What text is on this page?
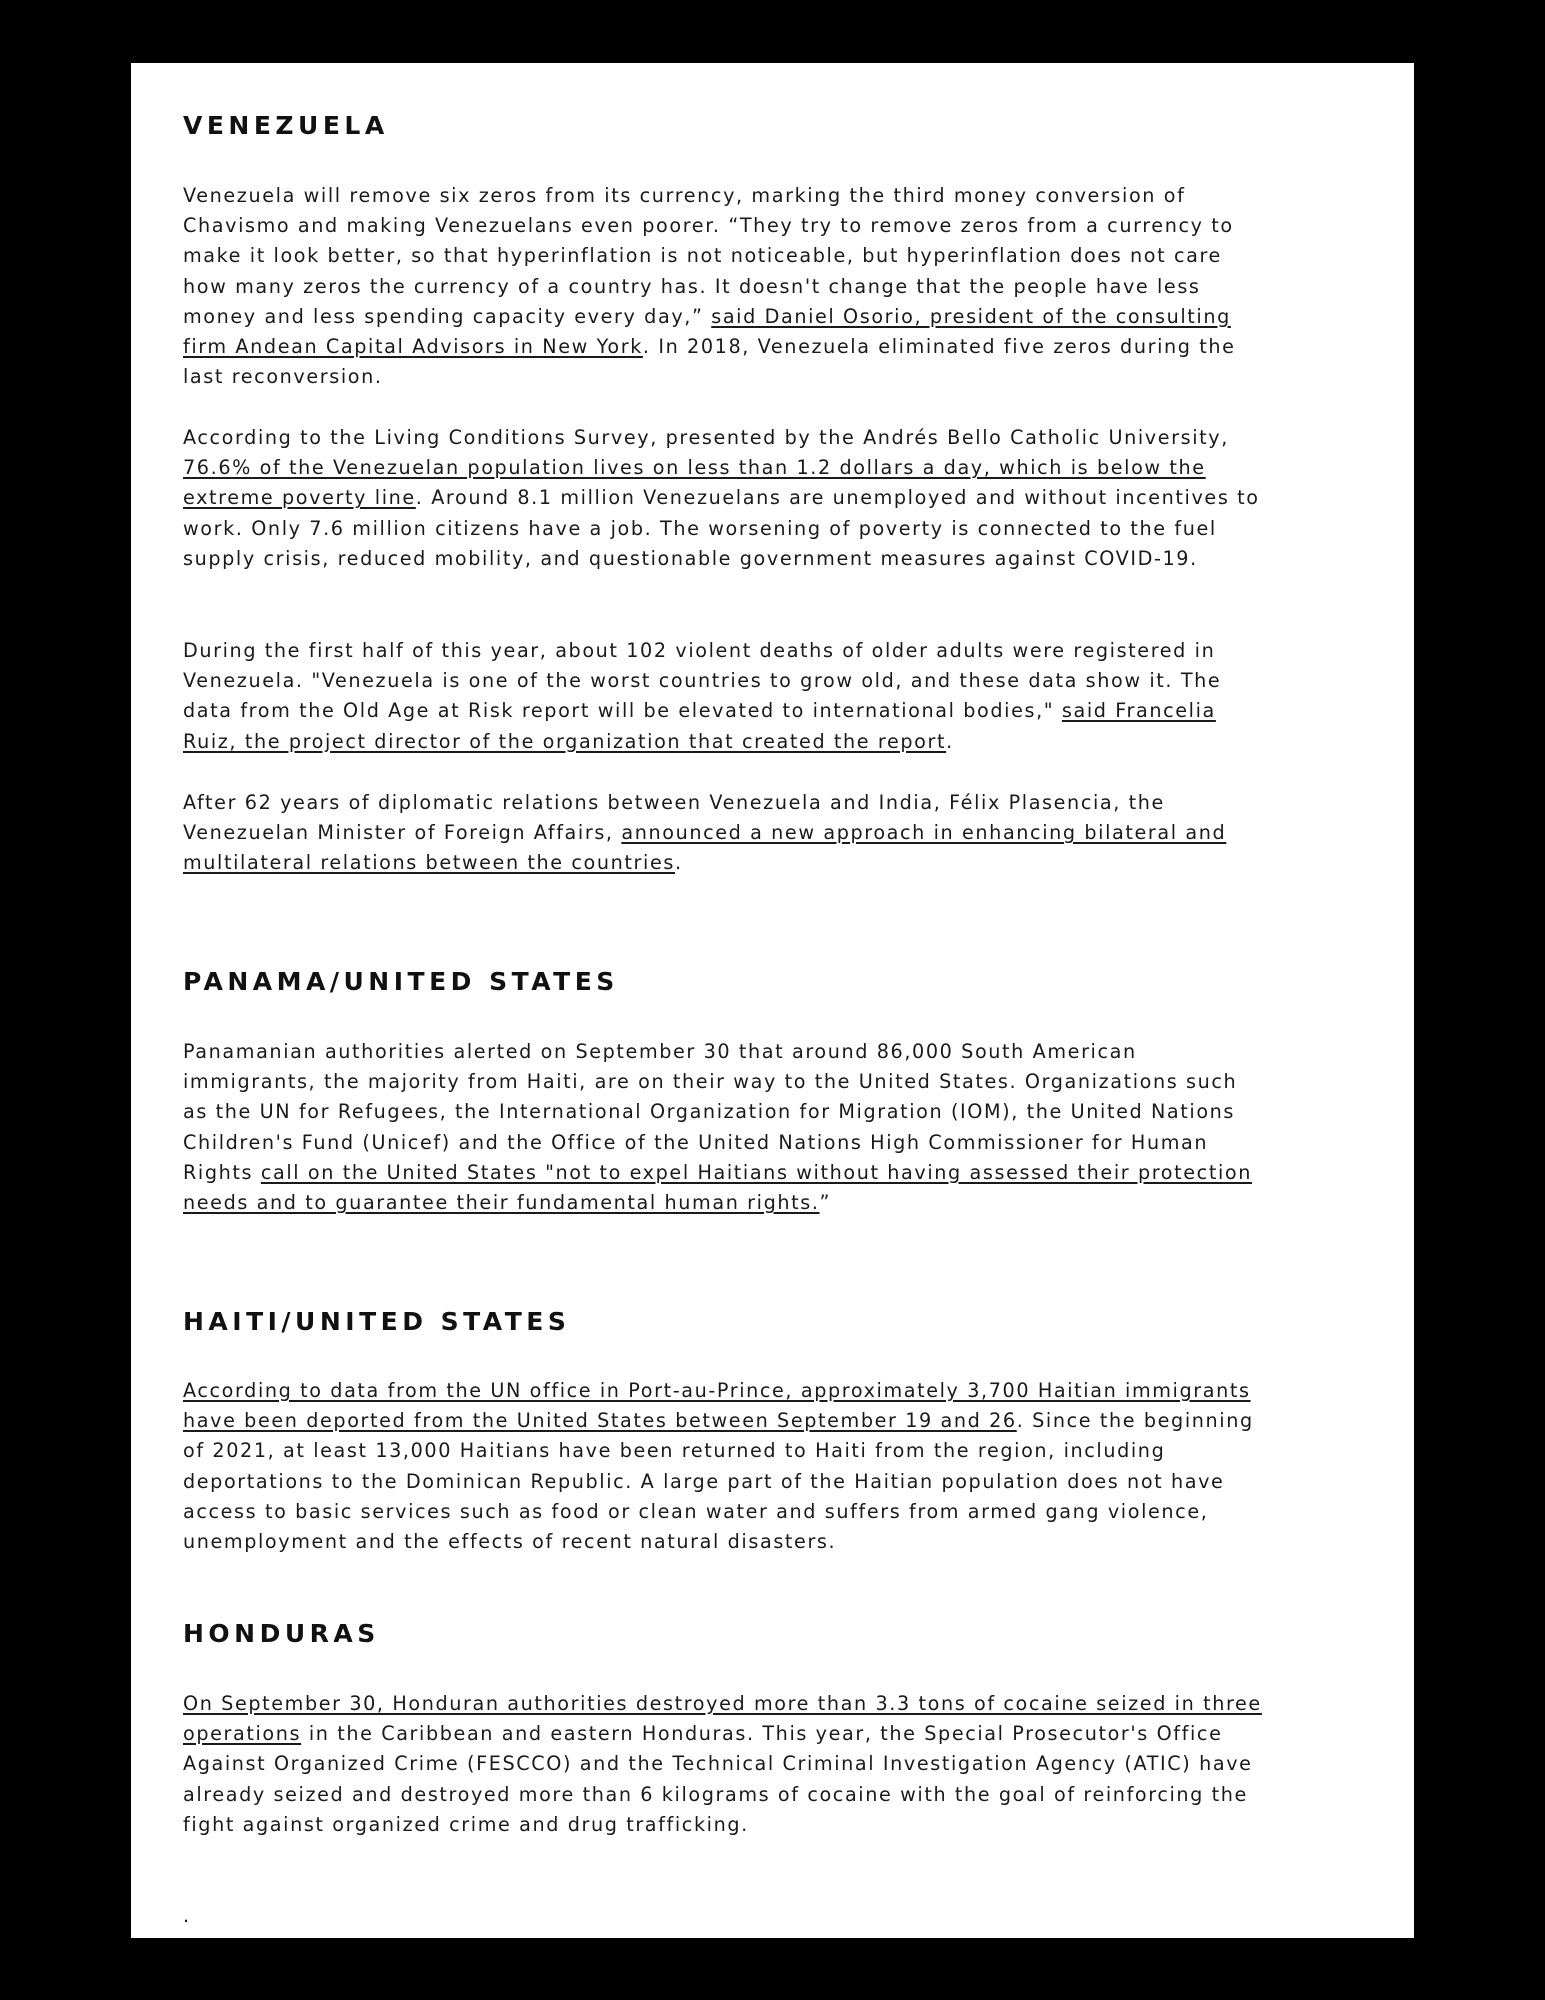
VENEZUELA

Venezuela will remove six zeros from its currency, marking the third money conversion of Chavismo and making Venezuelans even poorer. “They try to remove zeros from a currency to make it look better, so that hyperinflation is not noticeable, but hyperinflation does not care how many zeros the currency of a country has. It doesn't change that the people have less money and less spending capacity every day,” said Daniel Osorio, president of the consulting firm Andean Capital Advisors in New York. In 2018, Venezuela eliminated five zeros during the last reconversion.

According to the Living Conditions Survey, presented by the Andrés Bello Catholic University, 76.6% of the Venezuelan population lives on less than 1.2 dollars a day, which is below the extreme poverty line. Around 8.1 million Venezuelans are unemployed and without incentives to work. Only 7.6 million citizens have a job. The worsening of poverty is connected to the fuel supply crisis, reduced mobility, and questionable government measures against COVID-19.

During the first half of this year, about 102 violent deaths of older adults were registered in Venezuela. "Venezuela is one of the worst countries to grow old, and these data show it. The data from the Old Age at Risk report will be elevated to international bodies," said Francelia Ruiz, the project director of the organization that created the report.

After 62 years of diplomatic relations between Venezuela and India, Félix Plasencia, the Venezuelan Minister of Foreign Affairs, announced a new approach in enhancing bilateral and multilateral relations between the countries.

PANAMA/UNITED STATES

Panamanian authorities alerted on September 30 that around 86,000 South American immigrants, the majority from Haiti, are on their way to the United States. Organizations such as the UN for Refugees, the International Organization for Migration (IOM), the United Nations Children's Fund (Unicef) and the Office of the United Nations High Commissioner for Human Rights call on the United States "not to expel Haitians without having assessed their protection needs and to guarantee their fundamental human rights.”

HAITI/UNITED STATES

According to data from the UN office in Port-au-Prince, approximately 3,700 Haitian immigrants have been deported from the United States between September 19 and 26. Since the beginning of 2021, at least 13,000 Haitians have been returned to Haiti from the region, including deportations to the Dominican Republic. A large part of the Haitian population does not have access to basic services such as food or clean water and suffers from armed gang violence, unemployment and the effects of recent natural disasters.

HONDURAS

On September 30, Honduran authorities destroyed more than 3.3 tons of cocaine seized in three operations in the Caribbean and eastern Honduras. This year, the Special Prosecutor's Office Against Organized Crime (FESCCO) and the Technical Criminal Investigation Agency (ATIC) have already seized and destroyed more than 6 kilograms of cocaine with the goal of reinforcing the fight against organized crime and drug trafficking.

.
